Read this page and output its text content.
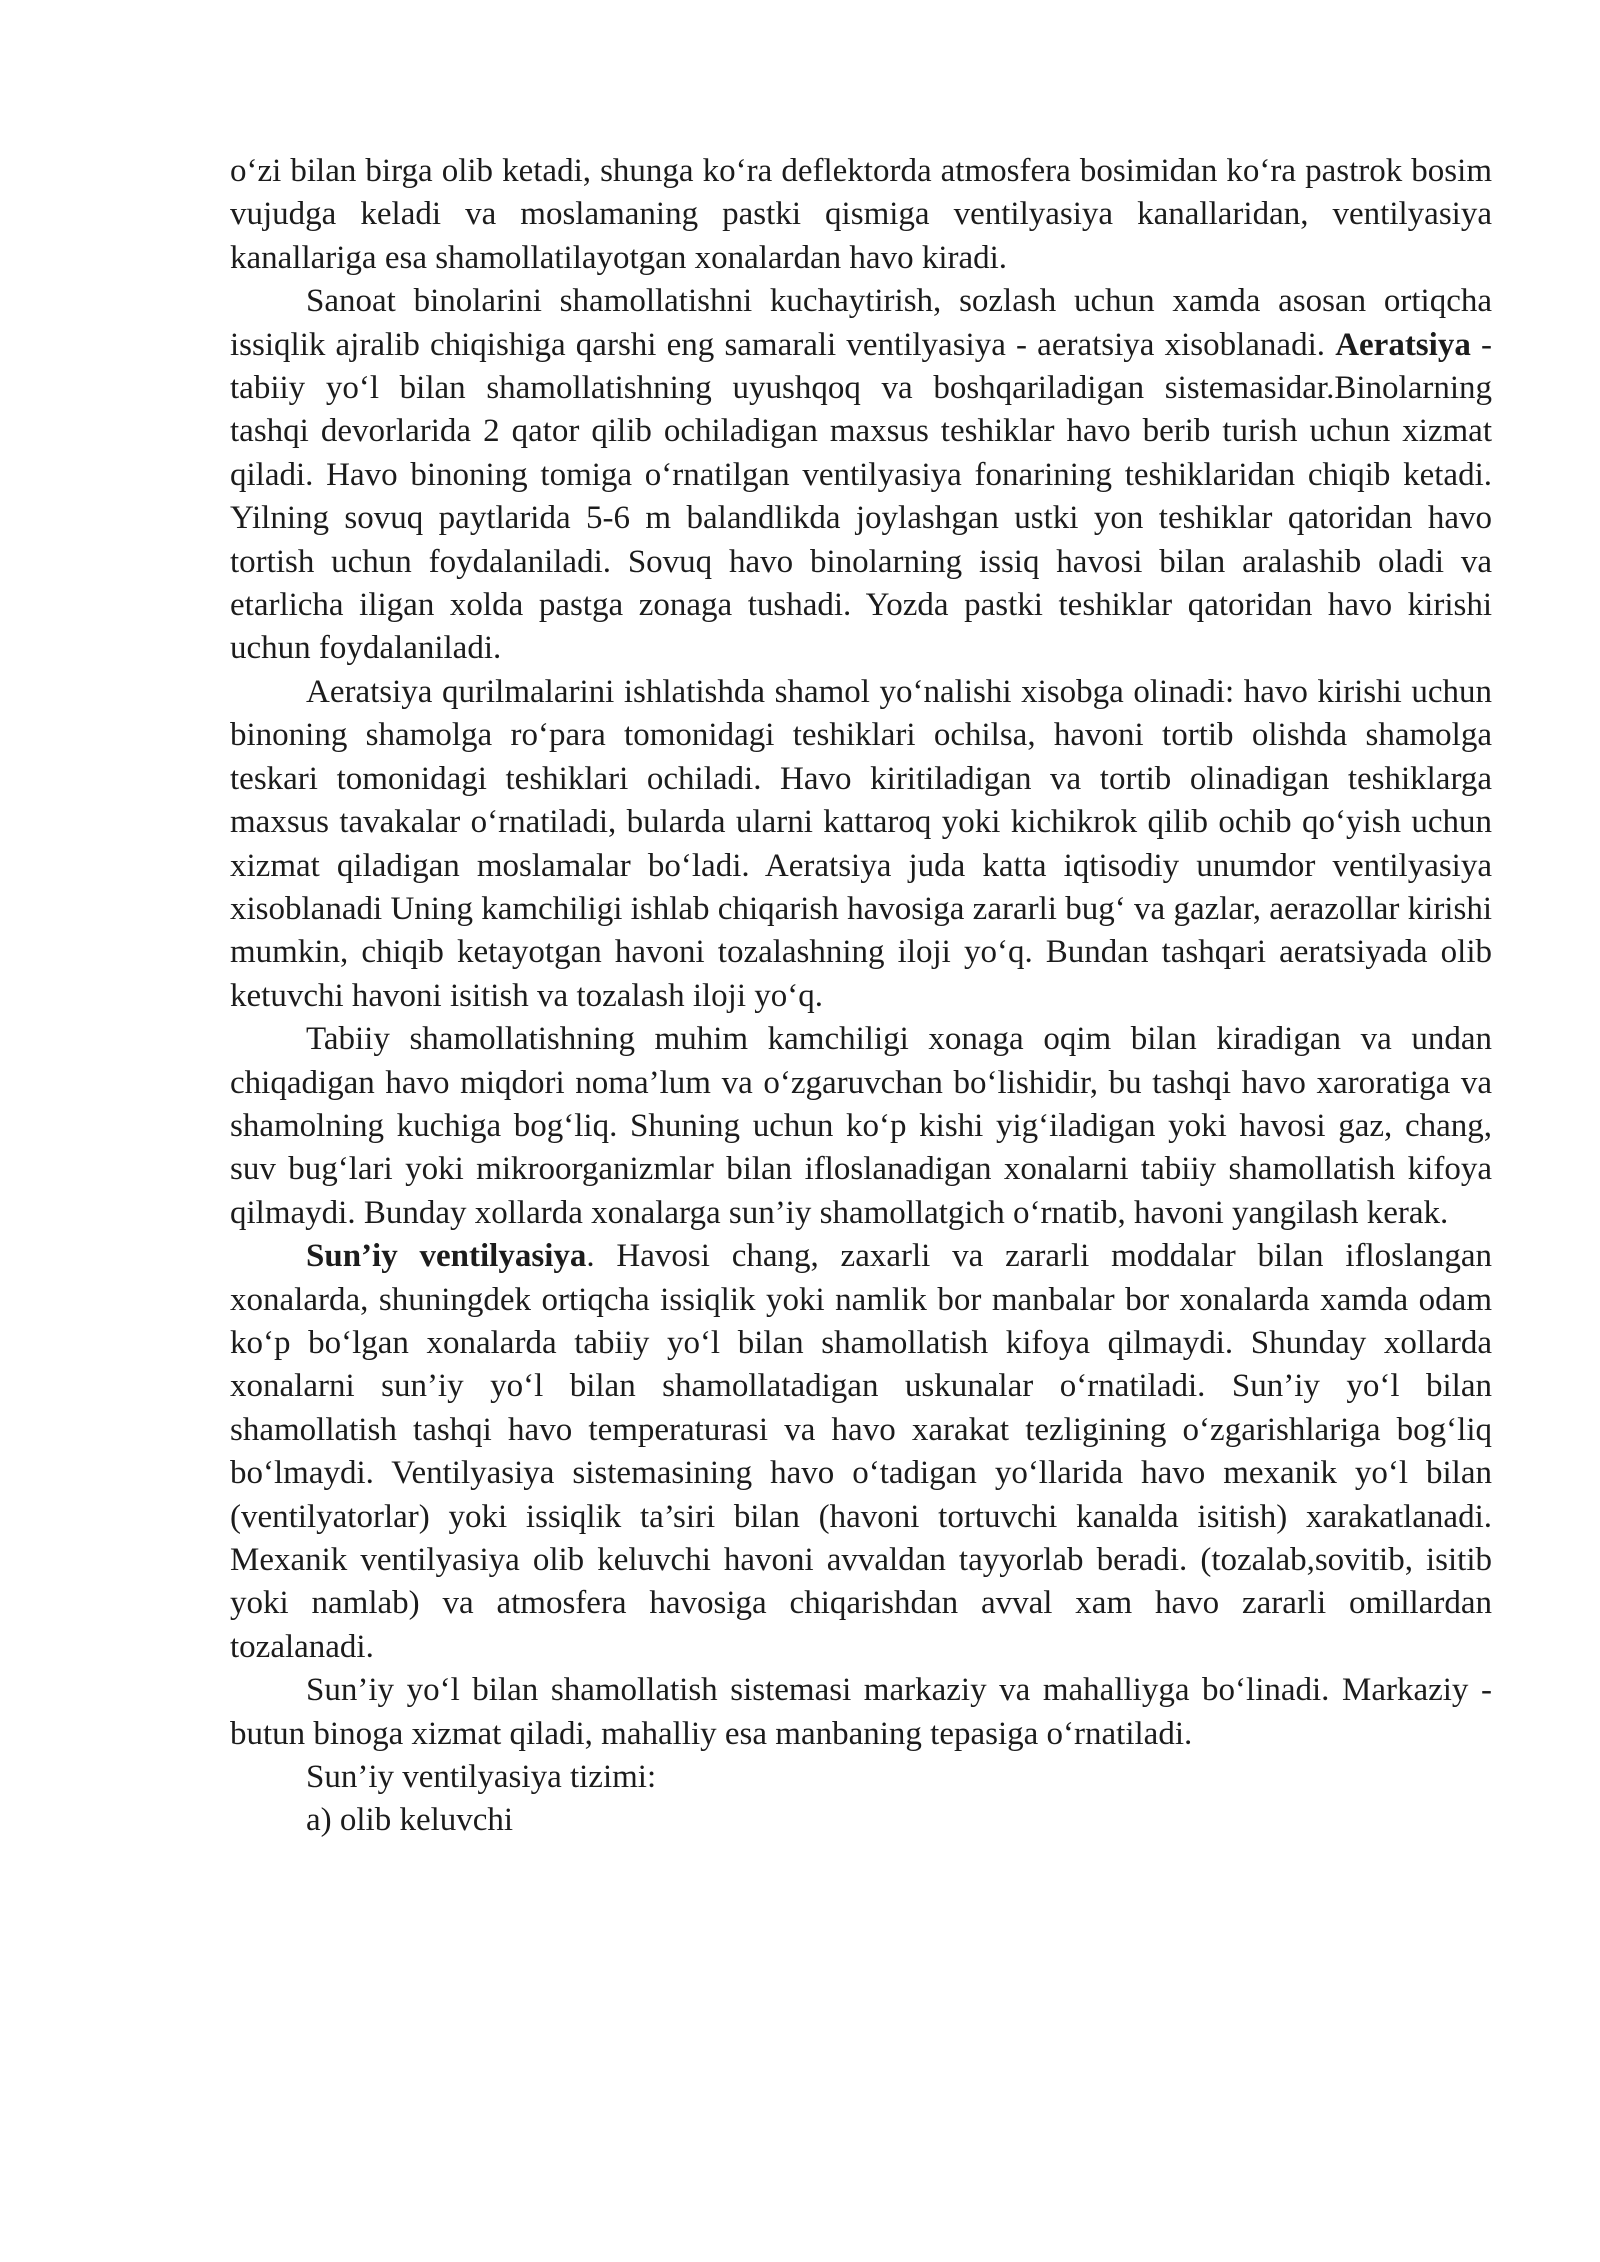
o‘zi bilan birga olib ketadi, shunga ko‘ra deflektorda atmosfera bosimidan ko‘ra pastrok bosim vujudga keladi va moslamaning pastki qismiga ventilyasiya kanallaridan, ventilyasiya kanallariga esa shamollatilayotgan xonalardan havo kiradi.

Sanoat binolarini shamollatishni kuchaytirish, sozlash uchun xamda asosan ortiqcha issiqlik ajralib chiqishiga qarshi eng samarali ventilyasiya - aeratsiya xisoblanadi. Aeratsiya - tabiiy yo‘l bilan shamollatishning uyushqoq va boshqariladigan sistemasidar.Binolarning tashqi devorlarida 2 qator qilib ochiladigan maxsus teshiklar havo berib turish uchun xizmat qiladi. Havo binoning tomiga o‘rnatilgan ventilyasiya fonarining teshiklaridan chiqib ketadi. Yilning sovuq paytlarida 5-6 m balandlikda joylashgan ustki yon teshiklar qatoridan havo tortish uchun foydalaniladi. Sovuq havo binolarning issiq havosi bilan aralashib oladi va etarlicha iligan xolda pastga zonaga tushadi. Yozda pastki teshiklar qatoridan havo kirishi uchun foydalaniladi.

Aeratsiya qurilmalarini ishlatishda shamol yo‘nalishi xisobga olinadi: havo kirishi uchun binoning shamolga ro‘para tomonidagi teshiklari ochilsa, havoni tortib olishda shamolga teskari tomonidagi teshiklari ochiladi. Havo kiritiladigan va tortib olinadigan teshiklarga maxsus tavakalar o‘rnatiladi, bularda ularni kattaroq yoki kichikrok qilib ochib qo‘yish uchun xizmat qiladigan moslamalar bo‘ladi. Aeratsiya juda katta iqtisodiy unumdor ventilyasiya xisoblanadi Uning kamchiligi ishlab chiqarish havosiga zararli bug‘ va gazlar, aerazollar kirishi mumkin, chiqib ketayotgan havoni tozalashning iloji yo‘q. Bundan tashqari aeratsiyada olib ketuvchi havoni isitish va tozalash iloji yo‘q.

Tabiiy shamollatishning muhim kamchiligi xonaga oqim bilan kiradigan va undan chiqadigan havo miqdori noma’lum va o‘zgaruvchan bo‘lishidir, bu tashqi havo xaroratiga va shamolning kuchiga bog‘liq. Shuning uchun ko‘p kishi yig‘iladigan yoki havosi gaz, chang, suv bug‘lari yoki mikroorganizmlar bilan ifloslanadigan xonalarni tabiiy shamollatish kifoya qilmaydi. Bunday xollarda xonalarga sun’iy shamollatgich o‘rnatib, havoni yangilash kerak.

Sun’iy ventilyasiya. Havosi chang, zaxarli va zararli moddalar bilan ifloslangan xonalarda, shuningdek ortiqcha issiqlik yoki namlik bor manbalar bor xonalarda xamda odam ko‘p bo‘lgan xonalarda tabiiy yo‘l bilan shamollatish kifoya qilmaydi. Shunday xollarda xonalarni sun’iy yo‘l bilan shamollatadigan uskunalar o‘rnatiladi. Sun’iy yo‘l bilan shamollatish tashqi havo temperaturasi va havo xarakat tezligining o‘zgarishlariga bog‘liq bo‘lmaydi. Ventilyasiya sistemasining havo o‘tadigan yo‘llarida havo mexanik yo‘l bilan (ventilyatorlar) yoki issiqlik ta’siri bilan (havoni tortuvchi kanalda isitish) xarakatlanadi. Mexanik ventilyasiya olib keluvchi havoni avvaldan tayyorlab beradi. (tozalab,sovitib, isitib yoki namlab) va atmosfera havosiga chiqarishdan avval xam havo zararli omillardan tozalanadi.

Sun’iy yo‘l bilan shamollatish sistemasi markaziy va mahalliyga bo‘linadi. Markaziy - butun binoga xizmat qiladi, mahalliy esa manbaning tepasiga o‘rnatiladi.

Sun’iy ventilyasiya tizimi:

a) olib keluvchi
